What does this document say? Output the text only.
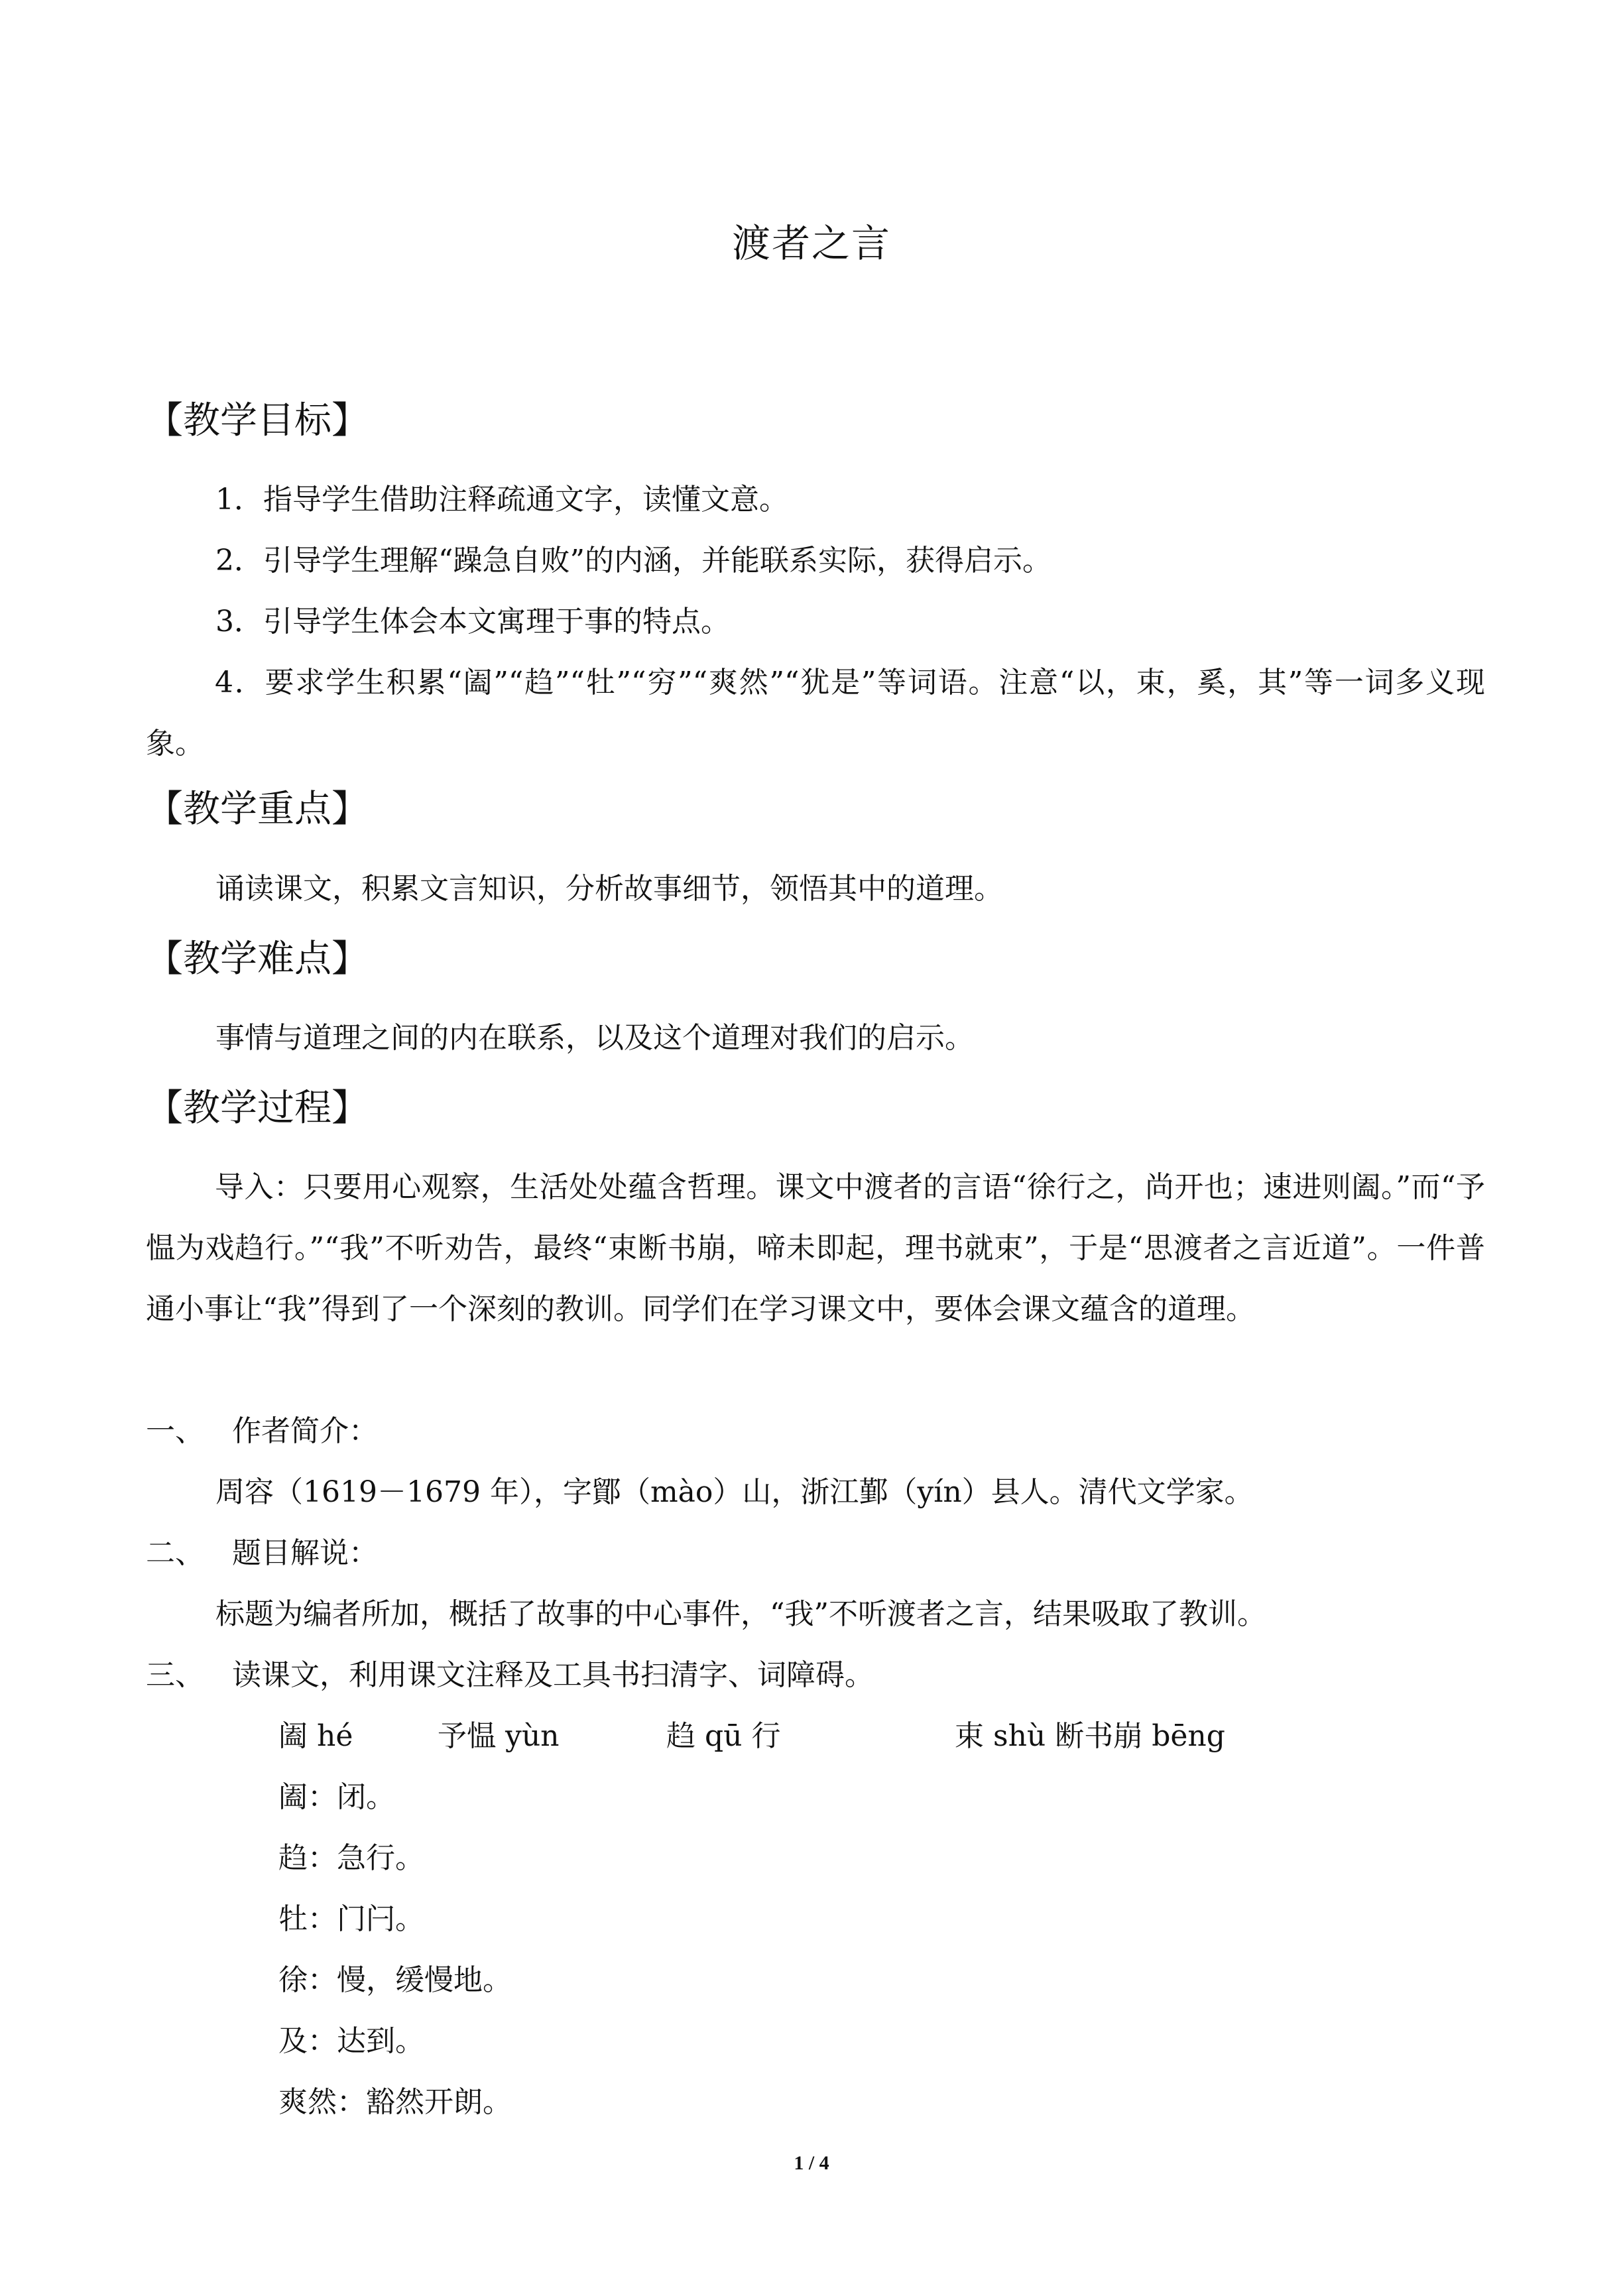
渡者之言
【教学目标】
1．指导学生借助注释疏通文字，读懂文意。
2．引导学生理解“躁急自败”的内涵，并能联系实际，获得启示。
3．引导学生体会本文寓理于事的特点。
4．要求学生积累“阖”“趋”“牡”“穷”“爽然”“犹是”等词语。注意“以，束，奚，其”等一词多义现象。
【教学重点】
诵读课文，积累文言知识，分析故事细节，领悟其中的道理。
【教学难点】
事情与道理之间的内在联系，以及这个道理对我们的启示。
【教学过程】
导入：只要用心观察，生活处处蕴含哲理。课文中渡者的言语“徐行之，尚开也；速进则阖。”而“予愠为戏趋行。”“我”不听劝告，最终“束断书崩，啼未即起，理书就束”，于是“思渡者之言近道”。一件普通小事让“我”得到了一个深刻的教训。同学们在学习课文中，要体会课文蕴含的道理。
一、 作者简介：
周容（1619－1679 年），字鄮（mào）山，浙江鄞（yín）县人。清代文学家。
二、 题目解说：
标题为编者所加，概括了故事的中心事件，“我”不听渡者之言，结果吸取了教训。
三、 读课文，利用课文注释及工具书扫清字、词障碍。
阖 hé	予愠 yùn	趋 qū 行	束 shù 断书崩 bēng
阖：闭。
趋：急行。
牡：门闩。
徐：慢，缓慢地。
及：达到。
爽然：豁然开朗。
1 / 4
